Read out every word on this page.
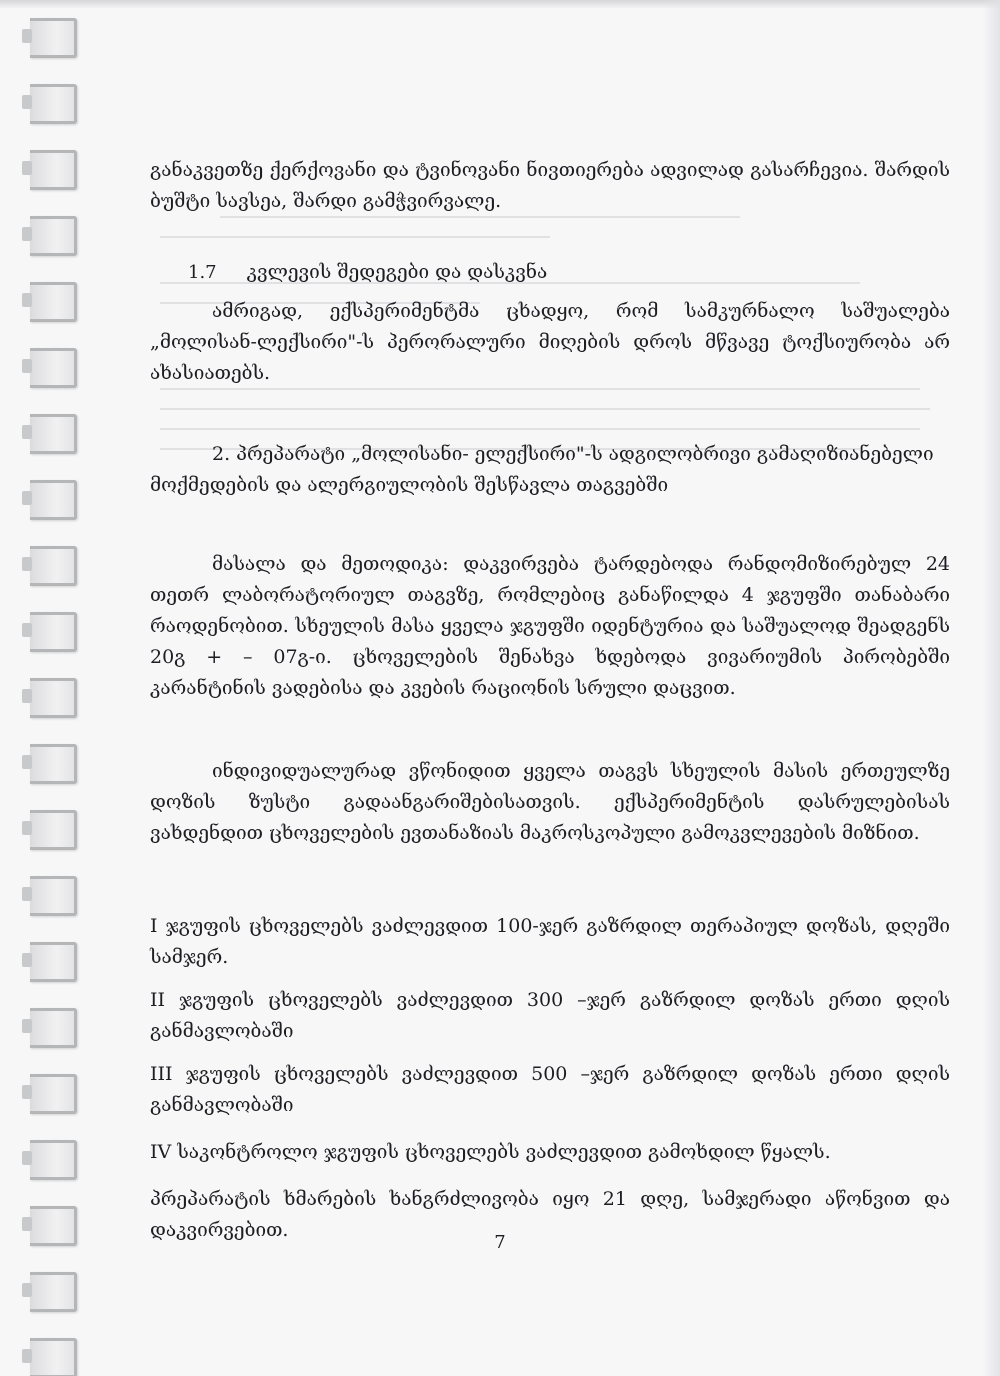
განაკვეთზე ქერქოვანი და ტვინოვანი ნივთიერება ადვილად გასარჩევია. შარდის ბუშტი სავსეა, შარდი გამჭვირვალე.

1.7 კვლევის შედეგები და დასკვნა

ამრიგად, ექსპერიმენტმა ცხადყო, რომ სამკურნალო საშუალება „მოლისან-ლექსირი"-ს პერორალური მიღების დროს მწვავე ტოქსიურობა არ ახასიათებს.

2. პრეპარატი „მოლისანი- ელექსირი"-ს ადგილობრივი გამაღიზიანებელი

მოქმედების და ალერგიულობის შესწავლა თაგვებში

მასალა და მეთოდიკა: დაკვირვება ტარდებოდა რანდომიზირებულ 24 თეთრ ლაბორატორიულ თაგვზე, რომლებიც განაწილდა 4 ჯგუფში თანაბარი რაოდენობით. სხეულის მასა ყველა ჯგუფში იდენტურია და საშუალოდ შეადგენს 20გ + – 07გ-ი. ცხოველების შენახვა ხდებოდა ვივარიუმის პირობებში კარანტინის ვადებისა და კვების რაციონის სრული დაცვით.

ინდივიდუალურად ვწონიდით ყველა თაგვს სხეულის მასის ერთეულზე დოზის ზუსტი გადაანგარიშებისათვის. ექსპერიმენტის დასრულებისას ვახდენდით ცხოველების ევთანაზიას მაკროსკოპული გამოკვლევების მიზნით.

I ჯგუფის ცხოველებს ვაძლევდით 100-ჯერ გაზრდილ თერაპიულ დოზას, დღეში სამჯერ.

II ჯგუფის ცხოველებს ვაძლევდით 300 –ჯერ გაზრდილ დოზას ერთი დღის განმავლობაში

III ჯგუფის ცხოველებს ვაძლევდით 500 –ჯერ გაზრდილ დოზას ერთი დღის განმავლობაში

IV საკონტროლო ჯგუფის ცხოველებს ვაძლევდით გამოხდილ წყალს.

პრეპარატის ხმარების ხანგრძლივობა იყო 21 დღე, სამჯერადი აწონვით და დაკვირვებით.

7
